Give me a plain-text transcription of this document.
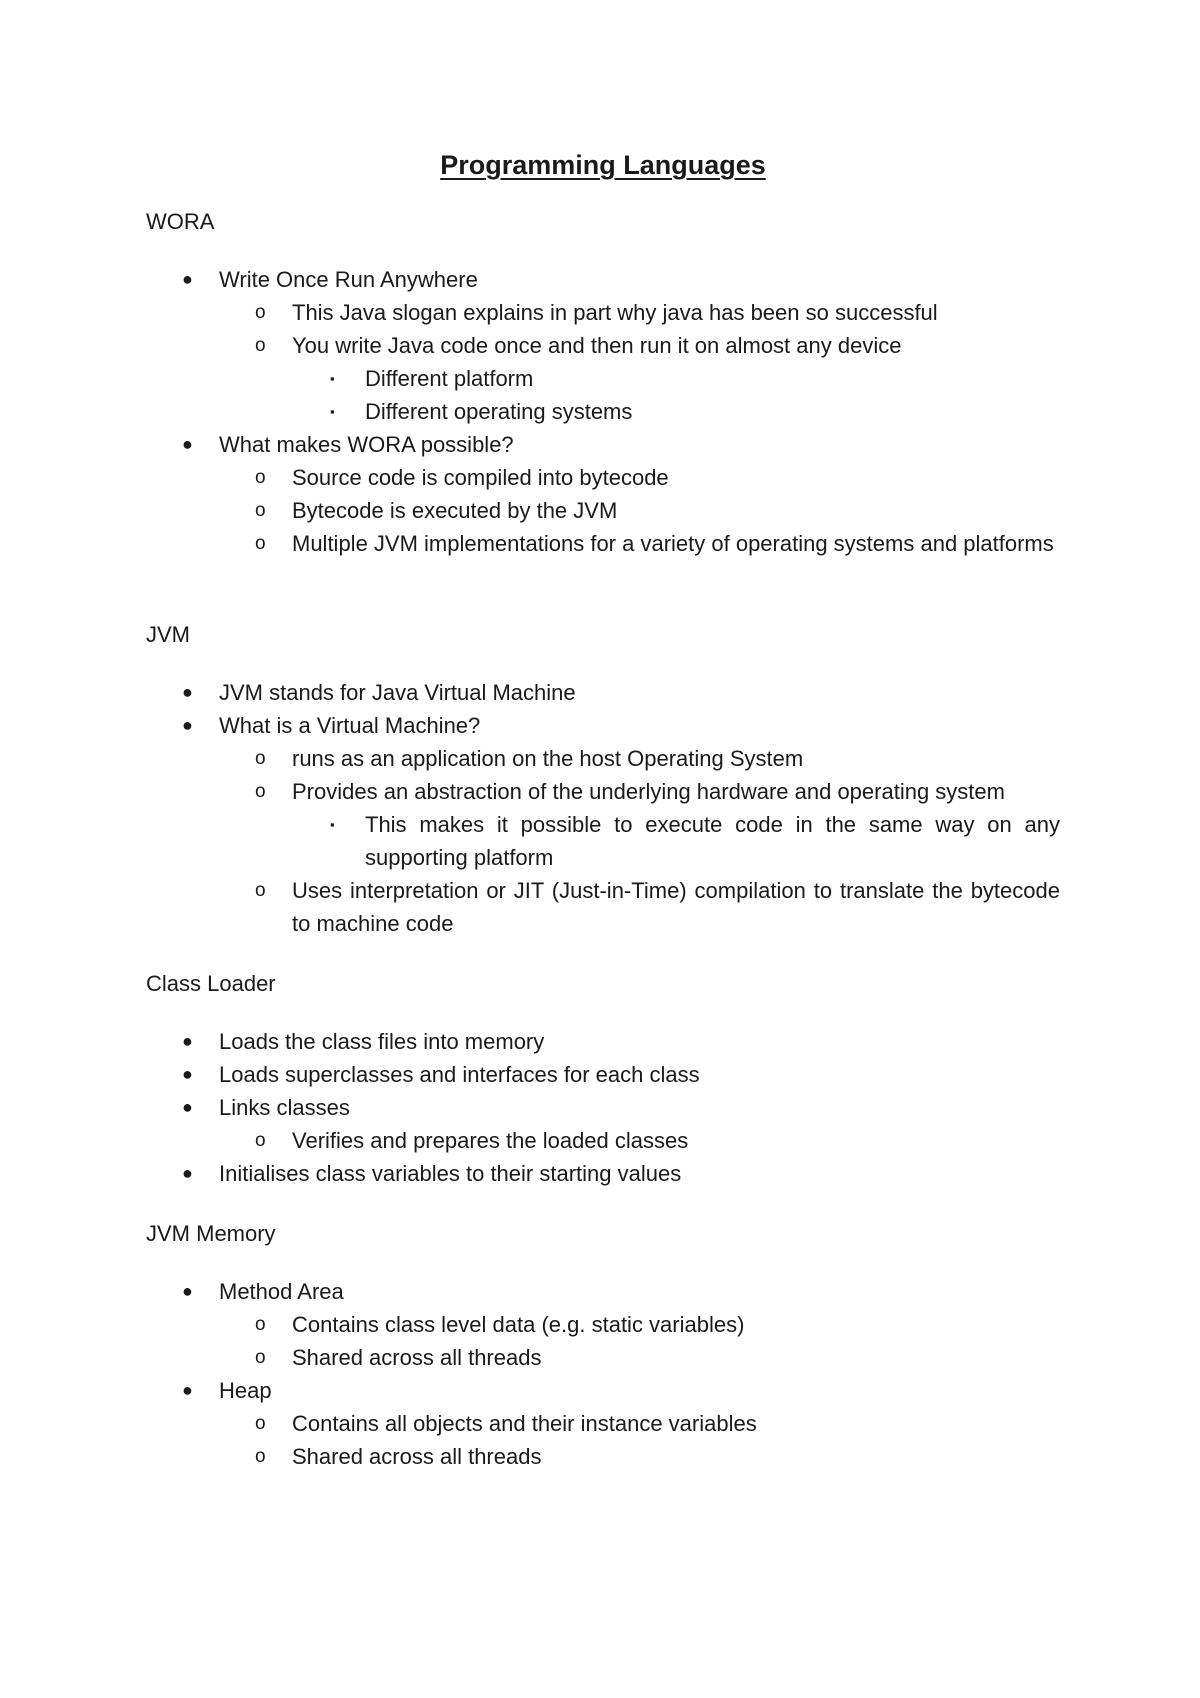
Programming Languages
WORA
● Write Once Run Anywhere
o This Java slogan explains in part why java has been so successful
o You write Java code once and then run it on almost any device
▪ Different platform
▪ Different operating systems
● What makes WORA possible?
o Source code is compiled into bytecode
o Bytecode is executed by the JVM
o Multiple JVM implementations for a variety of operating systems and platforms
JVM
● JVM stands for Java Virtual Machine
● What is a Virtual Machine?
o runs as an application on the host Operating System
o Provides an abstraction of the underlying hardware and operating system
▪ This makes it possible to execute code in the same way on any supporting platform
o Uses interpretation or JIT (Just-in-Time) compilation to translate the bytecode to machine code
Class Loader
● Loads the class files into memory
● Loads superclasses and interfaces for each class
● Links classes
o Verifies and prepares the loaded classes
● Initialises class variables to their starting values
JVM Memory
● Method Area
o Contains class level data (e.g. static variables)
o Shared across all threads
● Heap
o Contains all objects and their instance variables
o Shared across all threads
